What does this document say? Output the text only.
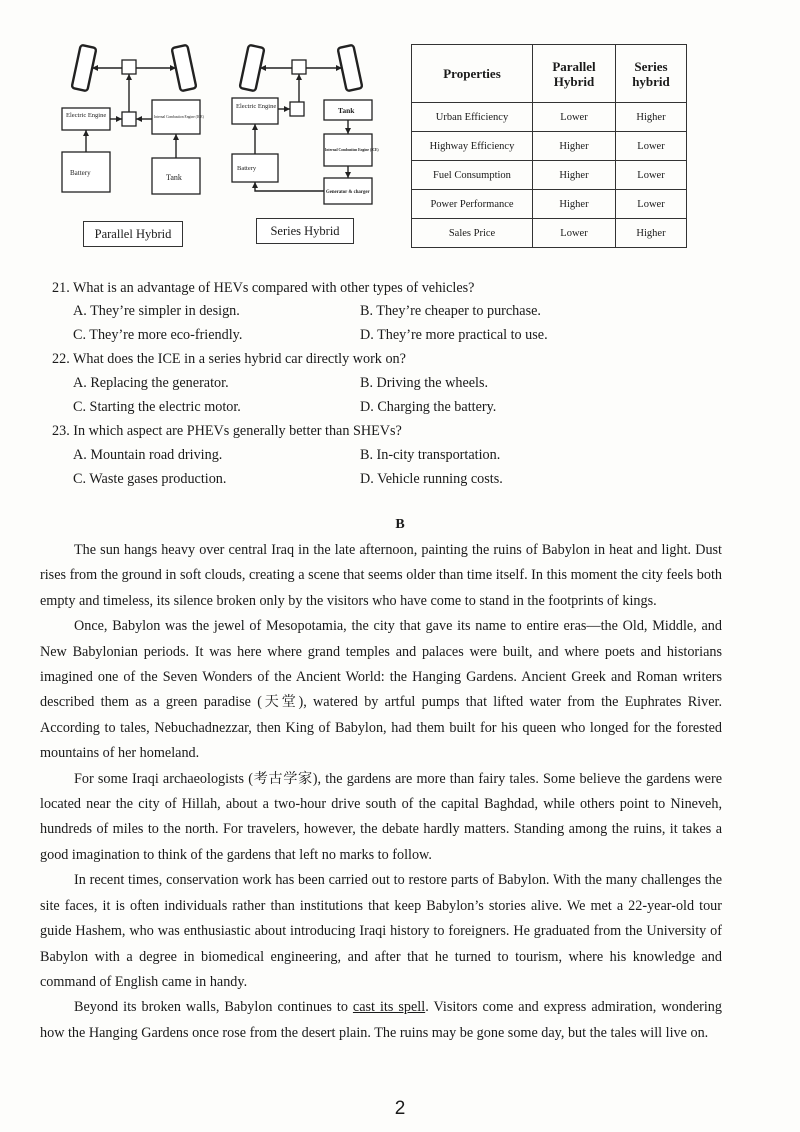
Electric Engine	Internal Combustion Engine (ICE)
Battery	Tank
Parallel Hybrid
Electric Engine	Tank
Internal Combustion Engine (ICE)
Battery
Generator & charger
Series Hybrid
Properties	Parallel Hybrid	Series hybrid
Urban Efficiency	Lower	Higher
Highway Efficiency	Higher	Lower
Fuel Consumption	Higher	Lower
Power Performance	Higher	Lower
Sales Price	Lower	Higher
21. What is an advantage of HEVs compared with other types of vehicles?
A. They’re simpler in design.	B. They’re cheaper to purchase.
C. They’re more eco-friendly.	D. They’re more practical to use.
22. What does the ICE in a series hybrid car directly work on?
A. Replacing the generator.	B. Driving the wheels.
C. Starting the electric motor.	D. Charging the battery.
23. In which aspect are PHEVs generally better than SHEVs?
A. Mountain road driving.	B. In-city transportation.
C. Waste gases production.	D. Vehicle running costs.
B

The sun hangs heavy over central Iraq in the late afternoon, painting the ruins of Babylon in heat and light. Dust rises from the ground in soft clouds, creating a scene that seems older than time itself. In this moment the city feels both empty and timeless, its silence broken only by the visitors who have come to stand in the footprints of kings.

Once, Babylon was the jewel of Mesopotamia, the city that gave its name to entire eras—the Old, Middle, and New Babylonian periods. It was here where grand temples and palaces were built, and where poets and historians imagined one of the Seven Wonders of the Ancient World: the Hanging Gardens. Ancient Greek and Roman writers described them as a green paradise (天堂), watered by artful pumps that lifted water from the Euphrates River. According to tales, Nebuchadnezzar, then King of Babylon, had them built for his queen who longed for the forested mountains of her homeland.

For some Iraqi archaeologists (考古学家), the gardens are more than fairy tales. Some believe the gardens were located near the city of Hillah, about a two-hour drive south of the capital Baghdad, while others point to Nineveh, hundreds of miles to the north. For travelers, however, the debate hardly matters. Standing among the ruins, it takes a good imagination to think of the gardens that left no marks to follow.

In recent times, conservation work has been carried out to restore parts of Babylon. With the many challenges the site faces, it is often individuals rather than institutions that keep Babylon’s stories alive. We met a 22-year-old tour guide Hashem, who was enthusiastic about introducing Iraqi history to foreigners. He graduated from the University of Babylon with a degree in biomedical engineering, and after that he turned to tourism, where his knowledge and command of English came in handy.

Beyond its broken walls, Babylon continues to cast its spell. Visitors come and express admiration, wondering how the Hanging Gardens once rose from the desert plain. The ruins may be gone some day, but the tales will live on.

2
